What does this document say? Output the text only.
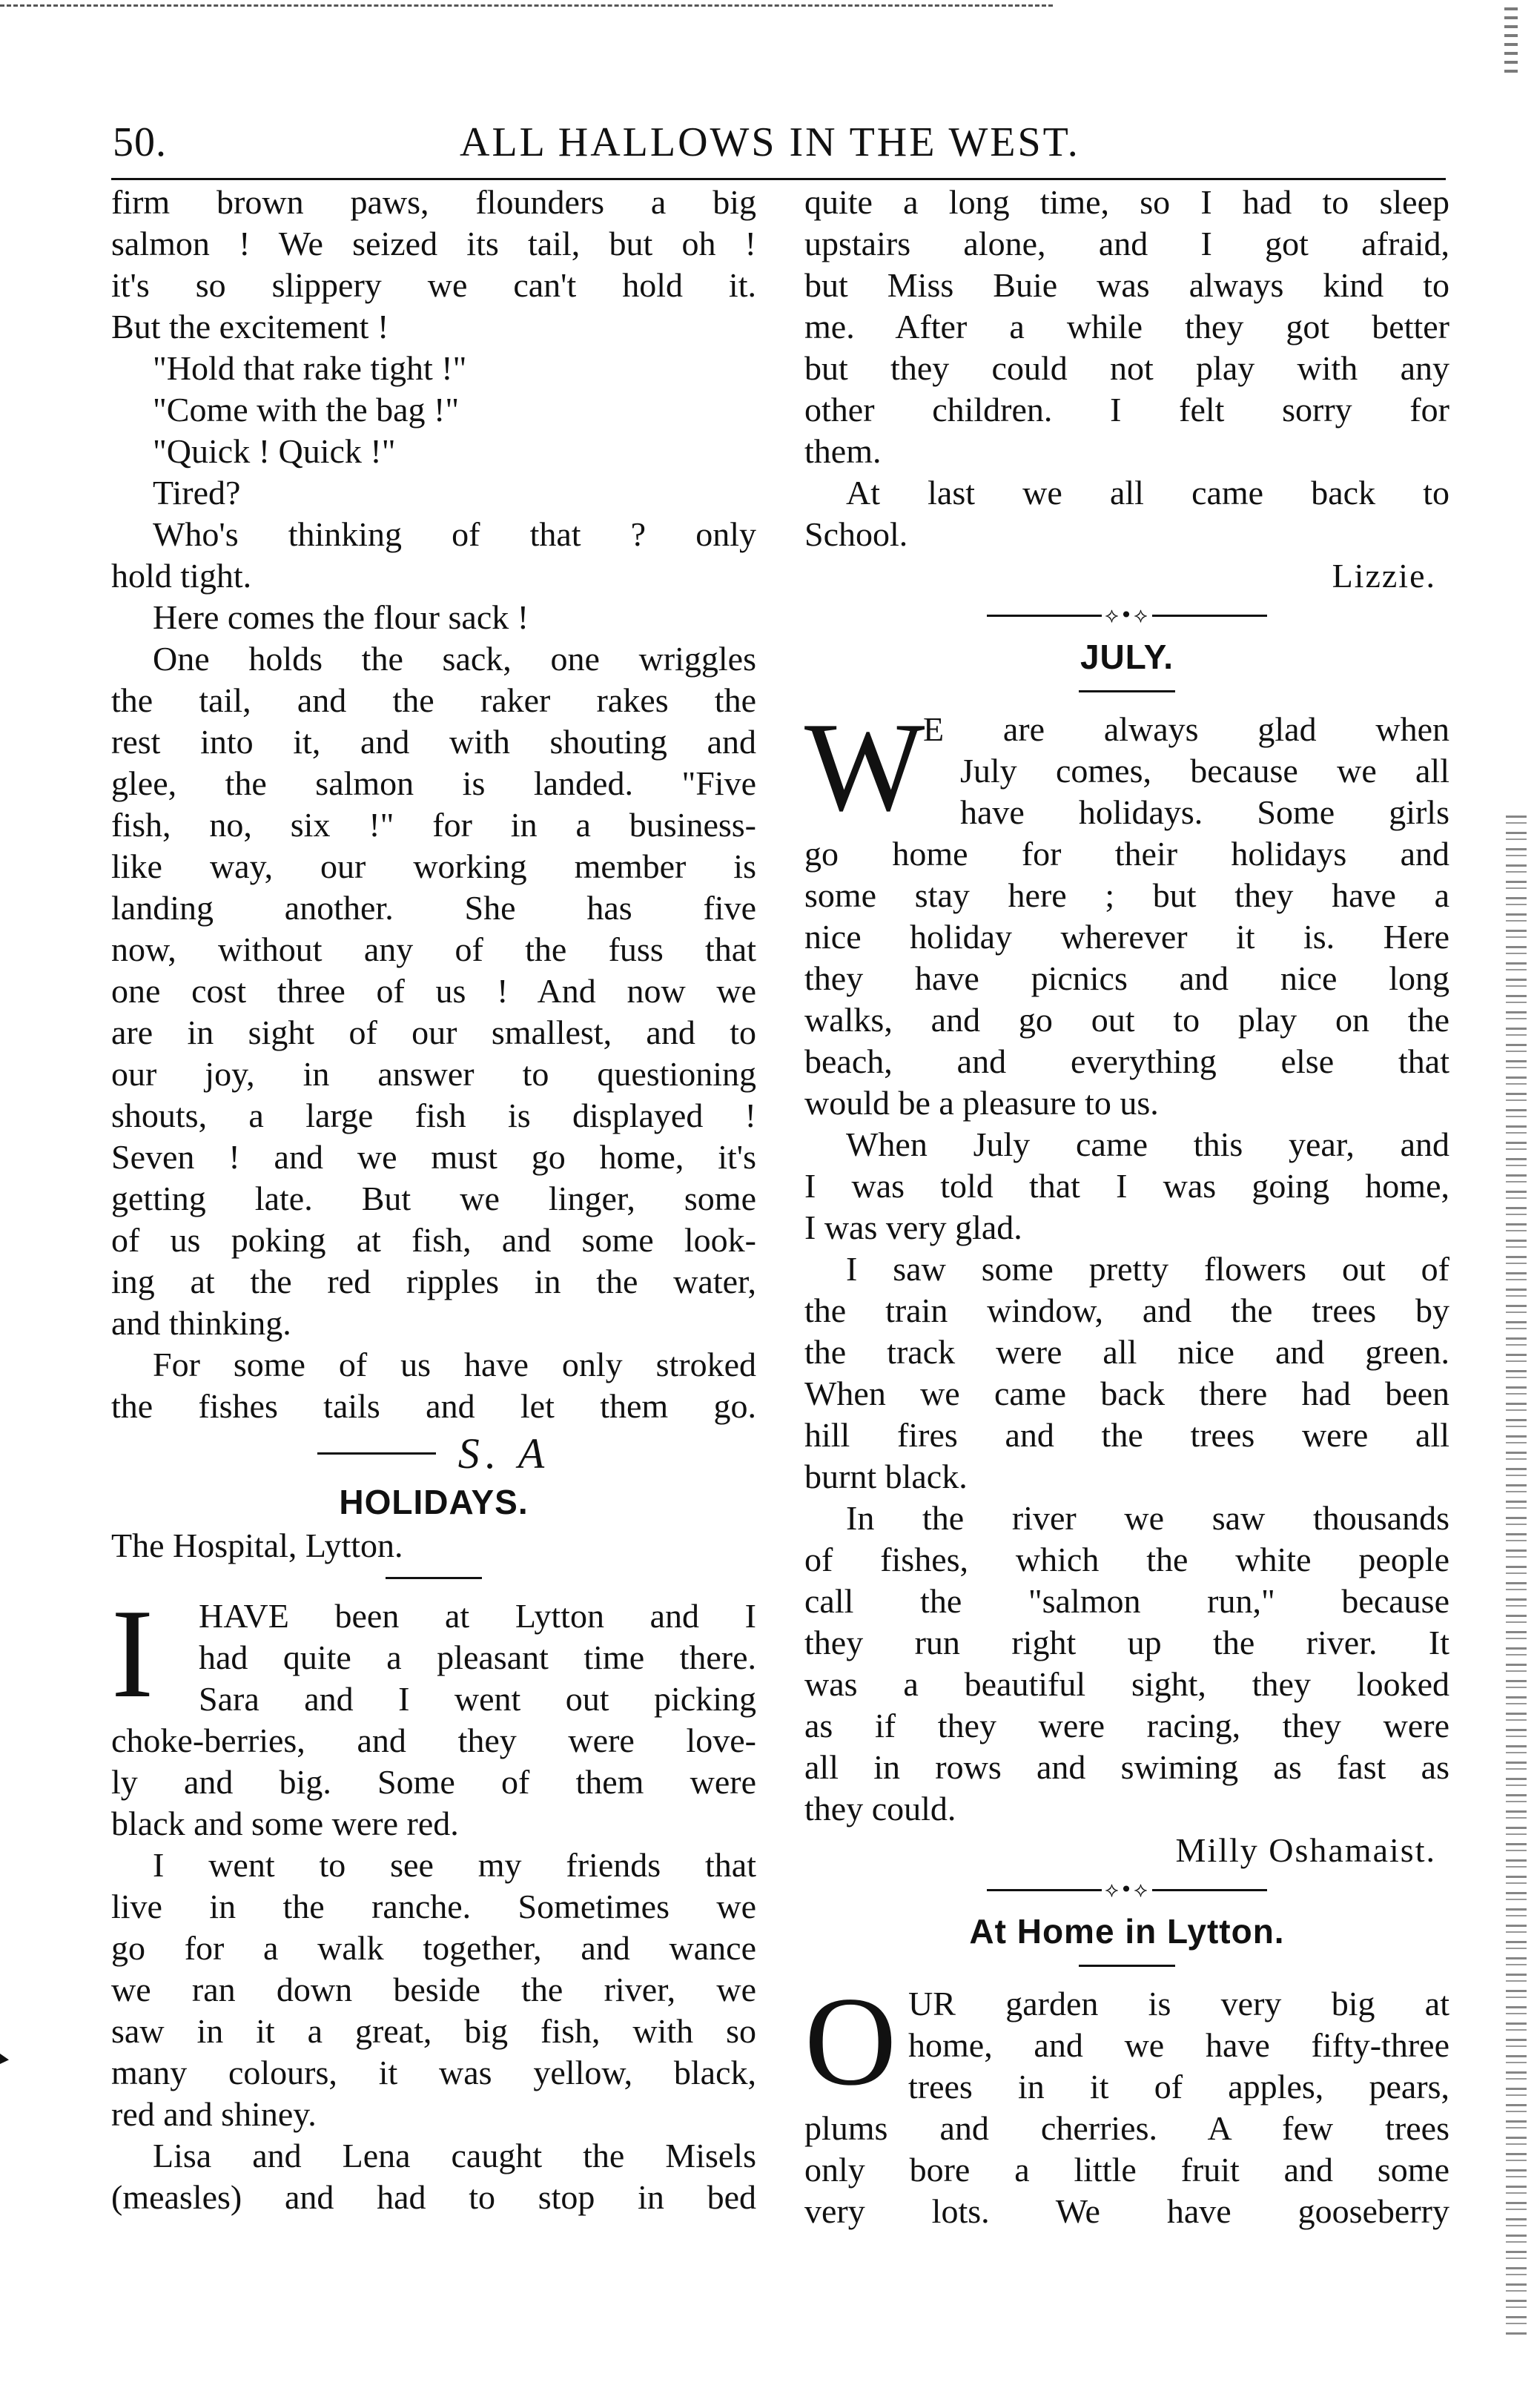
50.	ALL HALLOWS IN THE WEST.
firm brown paws, flounders a big
salmon ! We seized its tail, but oh !
it's so slippery we can't hold it.
But the excitement !
"Hold that rake tight !"
"Come with the bag !"
"Quick ! Quick !"
Tired?
Who's thinking of that ? only
hold tight.
Here comes the flour sack !
One holds the sack, one wriggles
the tail, and the raker rakes the
rest into it, and with shouting and
glee, the salmon is landed. "Five
fish, no, six !" for in a business-
like way, our working member is
landing another. She has five
now, without any of the fuss that
one cost three of us ! And now we
are in sight of our smallest, and to
our joy, in answer to questioning
shouts, a large fish is displayed !
Seven ! and we must go home, it's
getting late. But we linger, some
of us poking at fish, and some look-
ing at the red ripples in the water,
and thinking.
For some of us have only stroked
the fishes tails and let them go.
S. A
HOLIDAYS.
The Hospital, Lytton.
I	HAVE been at Lytton and I
had quite a pleasant time there.
Sara and I went out picking
choke-berries, and they were love-
ly and big. Some of them were
black and some were red.
I went to see my friends that
live in the ranche. Sometimes we
go for a walk together, and wance
we ran down beside the river, we
saw in it a great, big fish, with so
many colours, it was yellow, black,
red and shiney.
Lisa and Lena caught the Misels
(measles) and had to stop in bed
quite a long time, so I had to sleep
upstairs alone, and I got afraid,
but Miss Buie was always kind to
me. After a while they got better
but they could not play with any
other children. I felt sorry for
them.
At last we all came back to
School.
Lizzie.
⟡•⟡
JULY.
W
E are always glad when
July comes, because we all
have holidays. Some girls
go home for their holidays and
some stay here ; but they have a
nice holiday wherever it is. Here
they have picnics and nice long
walks, and go out to play on the
beach, and everything else that
would be a pleasure to us.
When July came this year, and
I was told that I was going home,
I was very glad.
I saw some pretty flowers out of
the train window, and the trees by
the track were all nice and green.
When we came back there had been
hill fires and the trees were all
burnt black.
In the river we saw thousands
of fishes, which the white people
call the "salmon run," because
they run right up the river. It
was a beautiful sight, they looked
as if they were racing, they were
all in rows and swiming as fast as
they could.
Milly Oshamaist.
⟡•⟡
At Home in Lytton.
O UR garden is very big at
home, and we have fifty-three
trees in it of apples, pears,
plums and cherries. A few trees
only bore a little fruit and some
very lots. We have gooseberry
